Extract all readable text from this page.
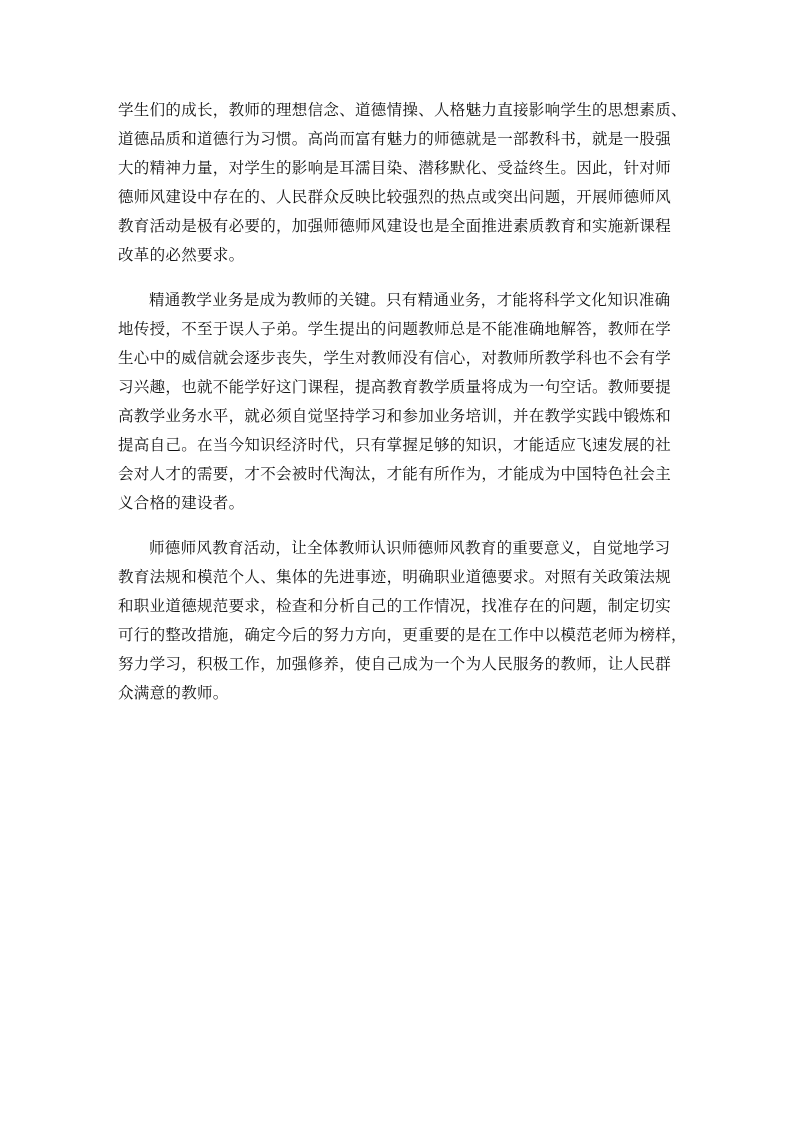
学生们的成长，教师的理想信念、道德情操、人格魅力直接影响学生的思想素质、
道德品质和道德行为习惯。高尚而富有魅力的师德就是一部教科书，就是一股强
大的精神力量，对学生的影响是耳濡目染、潜移默化、受益终生。因此，针对师
德师风建设中存在的、人民群众反映比较强烈的热点或突出问题，开展师德师风
教育活动是极有必要的，加强师德师风建设也是全面推进素质教育和实施新课程
改革的必然要求。
精通教学业务是成为教师的关键。只有精通业务，才能将科学文化知识准确
地传授，不至于误人子弟。学生提出的问题教师总是不能准确地解答，教师在学
生心中的威信就会逐步丧失，学生对教师没有信心，对教师所教学科也不会有学
习兴趣，也就不能学好这门课程，提高教育教学质量将成为一句空话。教师要提
高教学业务水平，就必须自觉坚持学习和参加业务培训，并在教学实践中锻炼和
提高自己。在当今知识经济时代，只有掌握足够的知识，才能适应飞速发展的社
会对人才的需要，才不会被时代淘汰，才能有所作为，才能成为中国特色社会主
义合格的建设者。
师德师风教育活动，让全体教师认识师德师风教育的重要意义，自觉地学习
教育法规和模范个人、集体的先进事迹，明确职业道德要求。对照有关政策法规
和职业道德规范要求，检查和分析自己的工作情况，找准存在的问题，制定切实
可行的整改措施，确定今后的努力方向，更重要的是在工作中以模范老师为榜样，
努力学习，积极工作，加强修养，使自己成为一个为人民服务的教师，让人民群
众满意的教师。
